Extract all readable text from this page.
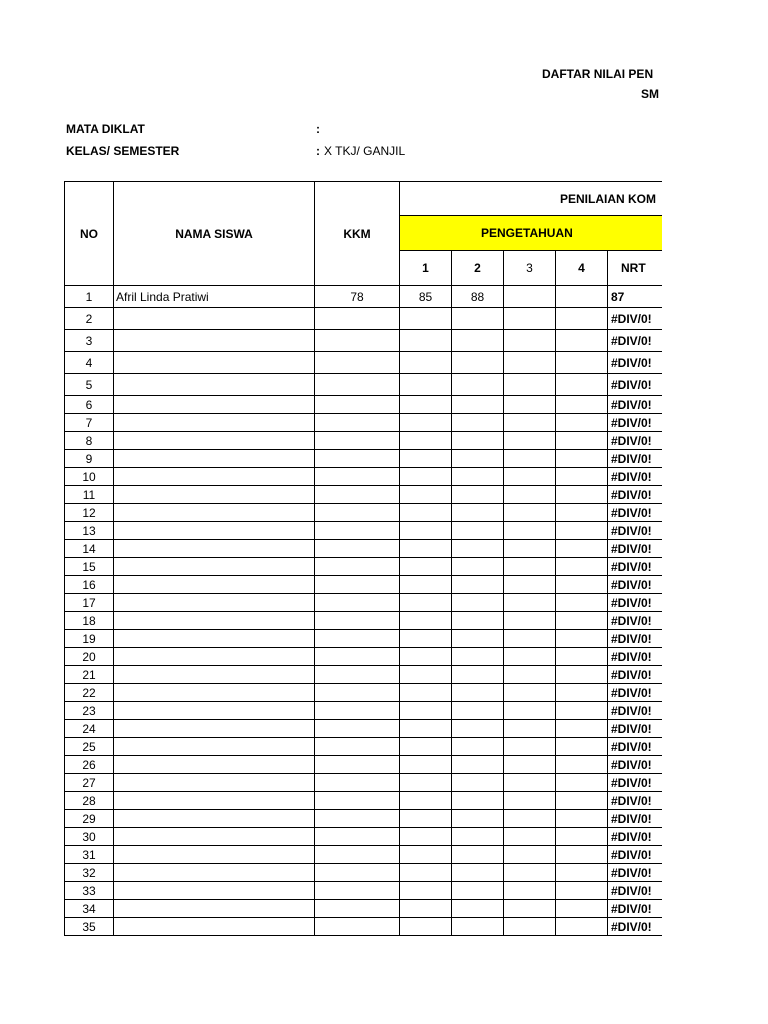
DAFTAR NILAI PEN
SM
MATA DIKLAT	:
KELAS/ SEMESTER	: X TKJ/ GANJIL
NO	NAMA SISWA	KKM	PENILAIAN KOM				
			PENGETAHUAN				
			1	2	3	4	NRT
1	Afril Linda Pratiwi	78	85	88			87
2							#DIV/0!
3							#DIV/0!
4							#DIV/0!
5							#DIV/0!
6							#DIV/0!
7							#DIV/0!
8							#DIV/0!
9							#DIV/0!
10							#DIV/0!
11							#DIV/0!
12							#DIV/0!
13							#DIV/0!
14							#DIV/0!
15							#DIV/0!
16							#DIV/0!
17							#DIV/0!
18							#DIV/0!
19							#DIV/0!
20							#DIV/0!
21							#DIV/0!
22							#DIV/0!
23							#DIV/0!
24							#DIV/0!
25							#DIV/0!
26							#DIV/0!
27							#DIV/0!
28							#DIV/0!
29							#DIV/0!
30							#DIV/0!
31							#DIV/0!
32							#DIV/0!
33							#DIV/0!
34							#DIV/0!
35							#DIV/0!
